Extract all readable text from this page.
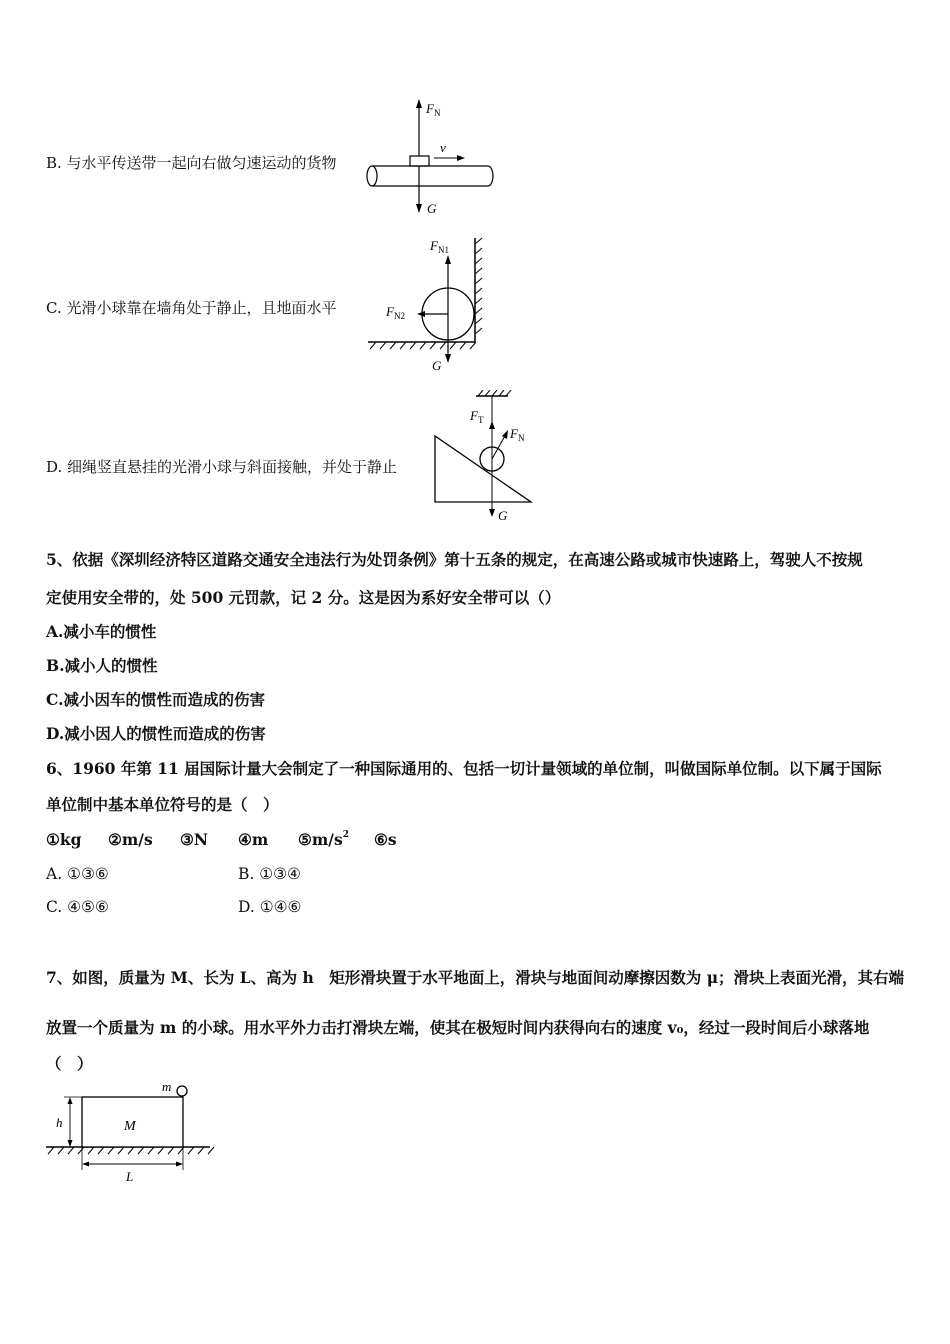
B. 与水平传送带一起向右做匀速运动的货物
$F_N$
v
G
C. 光滑小球靠在墙角处于静止，且地面水平
$F_{N1}$
$F_{N2}$
G
D. 细绳竖直悬挂的光滑小球与斜面接触，并处于静止
$F_T$
$F_N$
G
5、依据《深圳经济特区道路交通安全违法行为处罚条例》第十五条的规定，在高速公路或城市快速路上，驾驶人不按规
定使用安全带的，处 500 元罚款，记 2 分。这是因为系好安全带可以（）
A.减小车的惯性
B.减小人的惯性
C.减小因车的惯性而造成的伤害
D.减小因人的惯性而造成的伤害
6、1960 年第 11 届国际计量大会制定了一种国际通用的、包括一切计量领域的单位制，叫做国际单位制。以下属于国际
单位制中基本单位符号的是（　）
①kg ②m/s ③N ④m $⑤m/s^2$ ⑥s
A. ①③⑥	B. ①③④
C. ④⑤⑥	D. ①④⑥
7、如图，质量为 M、长为 L、高为 h　矩形滑块置于水平地面上，滑块与地面间动摩擦因数为 μ；滑块上表面光滑，其右端
放置一个质量为 m 的小球。用水平外力击打滑块左端，使其在极短时间内获得向右的速度 v₀，经过一段时间后小球落地
（　）
M
m
h
L
